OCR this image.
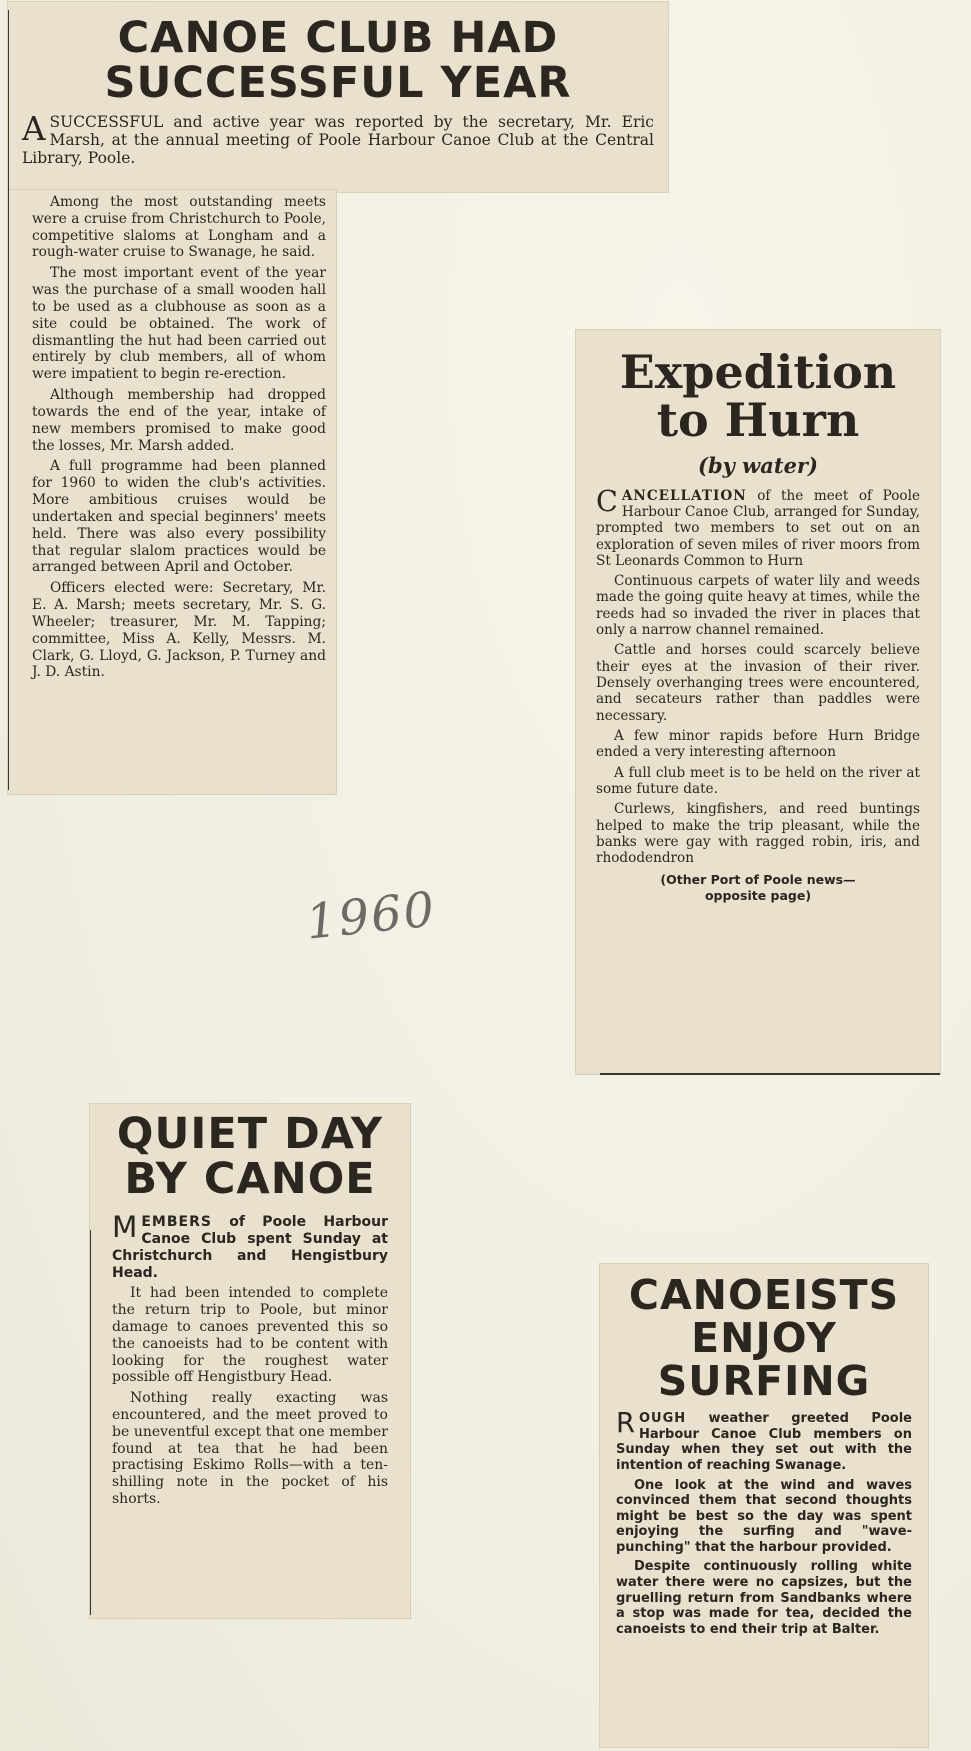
CANOE CLUB HAD SUCCESSFUL YEAR
A SUCCESSFUL and active year was reported by the secretary, Mr. Eric Marsh, at the annual meeting of Poole Harbour Canoe Club at the Central Library, Poole.

Among the most outstanding meets were a cruise from Christchurch to Poole, competitive slaloms at Longham and a rough-water cruise to Swanage, he said.

The most important event of the year was the purchase of a small wooden hall to be used as a clubhouse as soon as a site could be obtained. The work of dismantling the hut had been carried out entirely by club members, all of whom were impatient to begin re-erection.

Although membership had dropped towards the end of the year, intake of new members promised to make good the losses, Mr. Marsh added.

A full programme had been planned for 1960 to widen the club's activities. More ambitious cruises would be undertaken and special beginners' meets held. There was also every possibility that regular slalom practices would be arranged between April and October.

Officers elected were: Secretary, Mr. E. A. Marsh; meets secretary, Mr. S. G. Wheeler; treasurer, Mr. M. Tapping; committee, Miss A. Kelly, Messrs. M. Clark, G. Lloyd, G. Jackson, P. Turney and J. D. Astin.

Expedition
to Hurn
(by water)

CANCELLATION of the meet of Poole Harbour Canoe Club, arranged for Sunday, prompted two members to set out on an exploration of seven miles of river moors from St Leonards Common to Hurn

Continuous carpets of water lily and weeds made the going quite heavy at times, while the reeds had so invaded the river in places that only a narrow channel remained.

Cattle and horses could scarcely believe their eyes at the invasion of their river. Densely overhanging trees were encountered, and secateurs rather than paddles were necessary.

A few minor rapids before Hurn Bridge ended a very interesting afternoon

A full club meet is to be held on the river at some future date.

Curlews, kingfishers, and reed buntings helped to make the trip pleasant, while the banks were gay with ragged robin, iris, and rhododendron

(Other Port of Poole news—
opposite page)
1960
QUIET DAY
BY CANOE

MEMBERS of Poole Harbour Canoe Club spent Sunday at Christchurch and Hengistbury Head.

It had been intended to complete the return trip to Poole, but minor damage to canoes prevented this so the canoeists had to be content with looking for the roughest water possible off Hengistbury Head.

Nothing really exacting was encountered, and the meet proved to be uneventful except that one member found at tea that he had been practising Eskimo Rolls—with a ten-shilling note in the pocket of his shorts.

CANOEISTS
ENJOY
SURFING

ROUGH weather greeted Poole Harbour Canoe Club members on Sunday when they set out with the intention of reaching Swanage.

One look at the wind and waves convinced them that second thoughts might be best so the day was spent enjoying the surfing and "wave-punching" that the harbour provided.

Despite continuously rolling white water there were no capsizes, but the gruelling return from Sandbanks where a stop was made for tea, decided the canoeists to end their trip at Balter.
